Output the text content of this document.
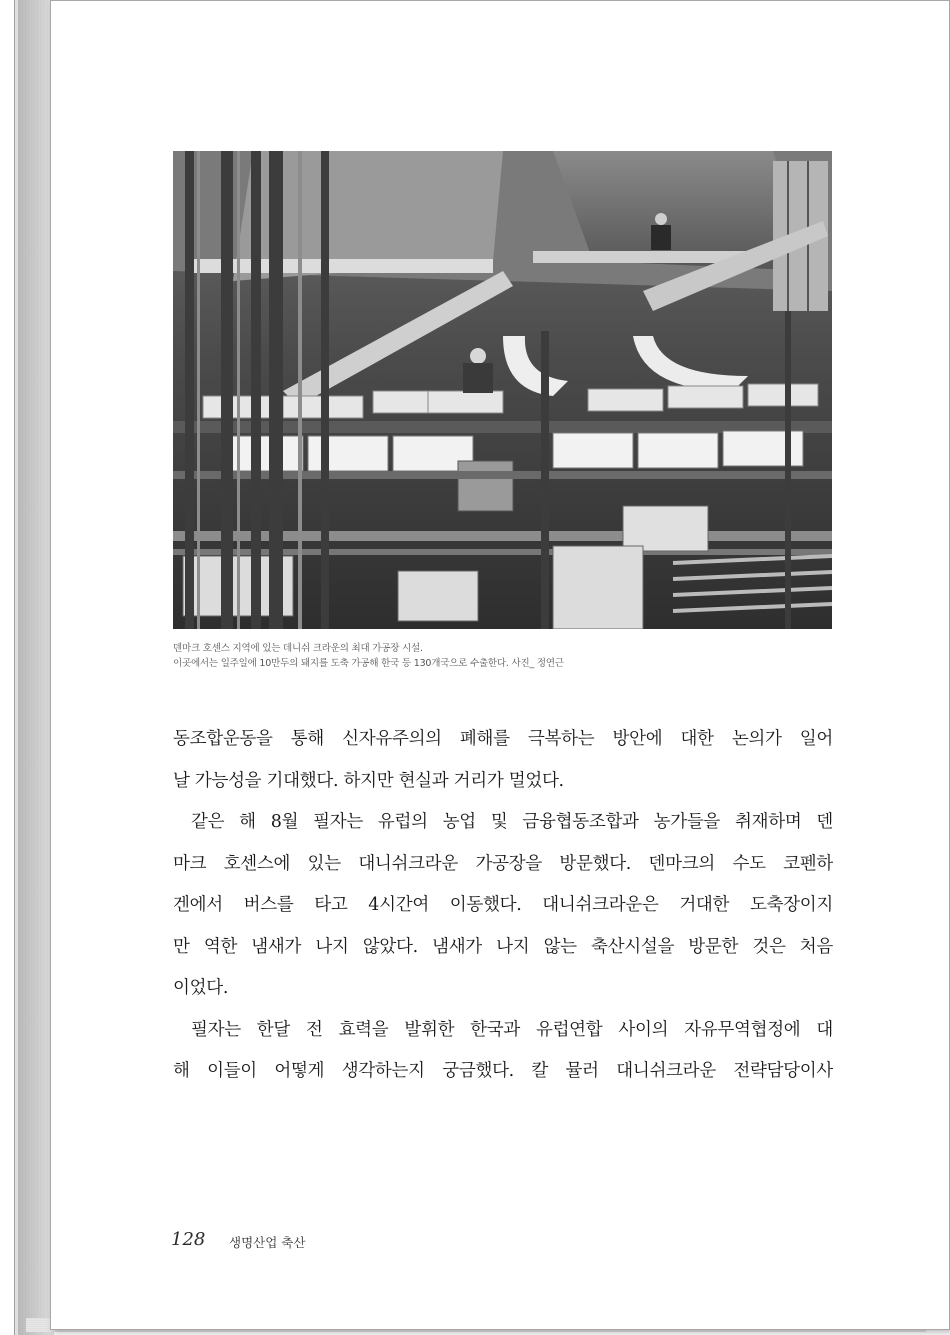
덴마크 호센스 지역에 있는 데니쉬 크라운의 최대 가공장 시설.
이곳에서는 일주일에 10만두의 돼지를 도축 가공해 한국 등 130개국으로 수출한다. 사진_ 정연근
동조합운동을 통해 신자유주의의 폐해를 극복하는 방안에 대한 논의가 일어
날 가능성을 기대했다. 하지만 현실과 거리가 멀었다.
같은 해 8월 필자는 유럽의 농업 및 금융협동조합과 농가들을 취재하며 덴
마크 호센스에 있는 대니쉬크라운 가공장을 방문했다. 덴마크의 수도 코펜하
겐에서 버스를 타고 4시간여 이동했다. 대니쉬크라운은 거대한 도축장이지
만 역한 냄새가 나지 않았다. 냄새가 나지 않는 축산시설을 방문한 것은 처음
이었다.
필자는 한달 전 효력을 발휘한 한국과 유럽연합 사이의 자유무역협정에 대
해 이들이 어떻게 생각하는지 궁금했다. 칼 뮬러 대니쉬크라운 전략담당이사
128 생명산업 축산
